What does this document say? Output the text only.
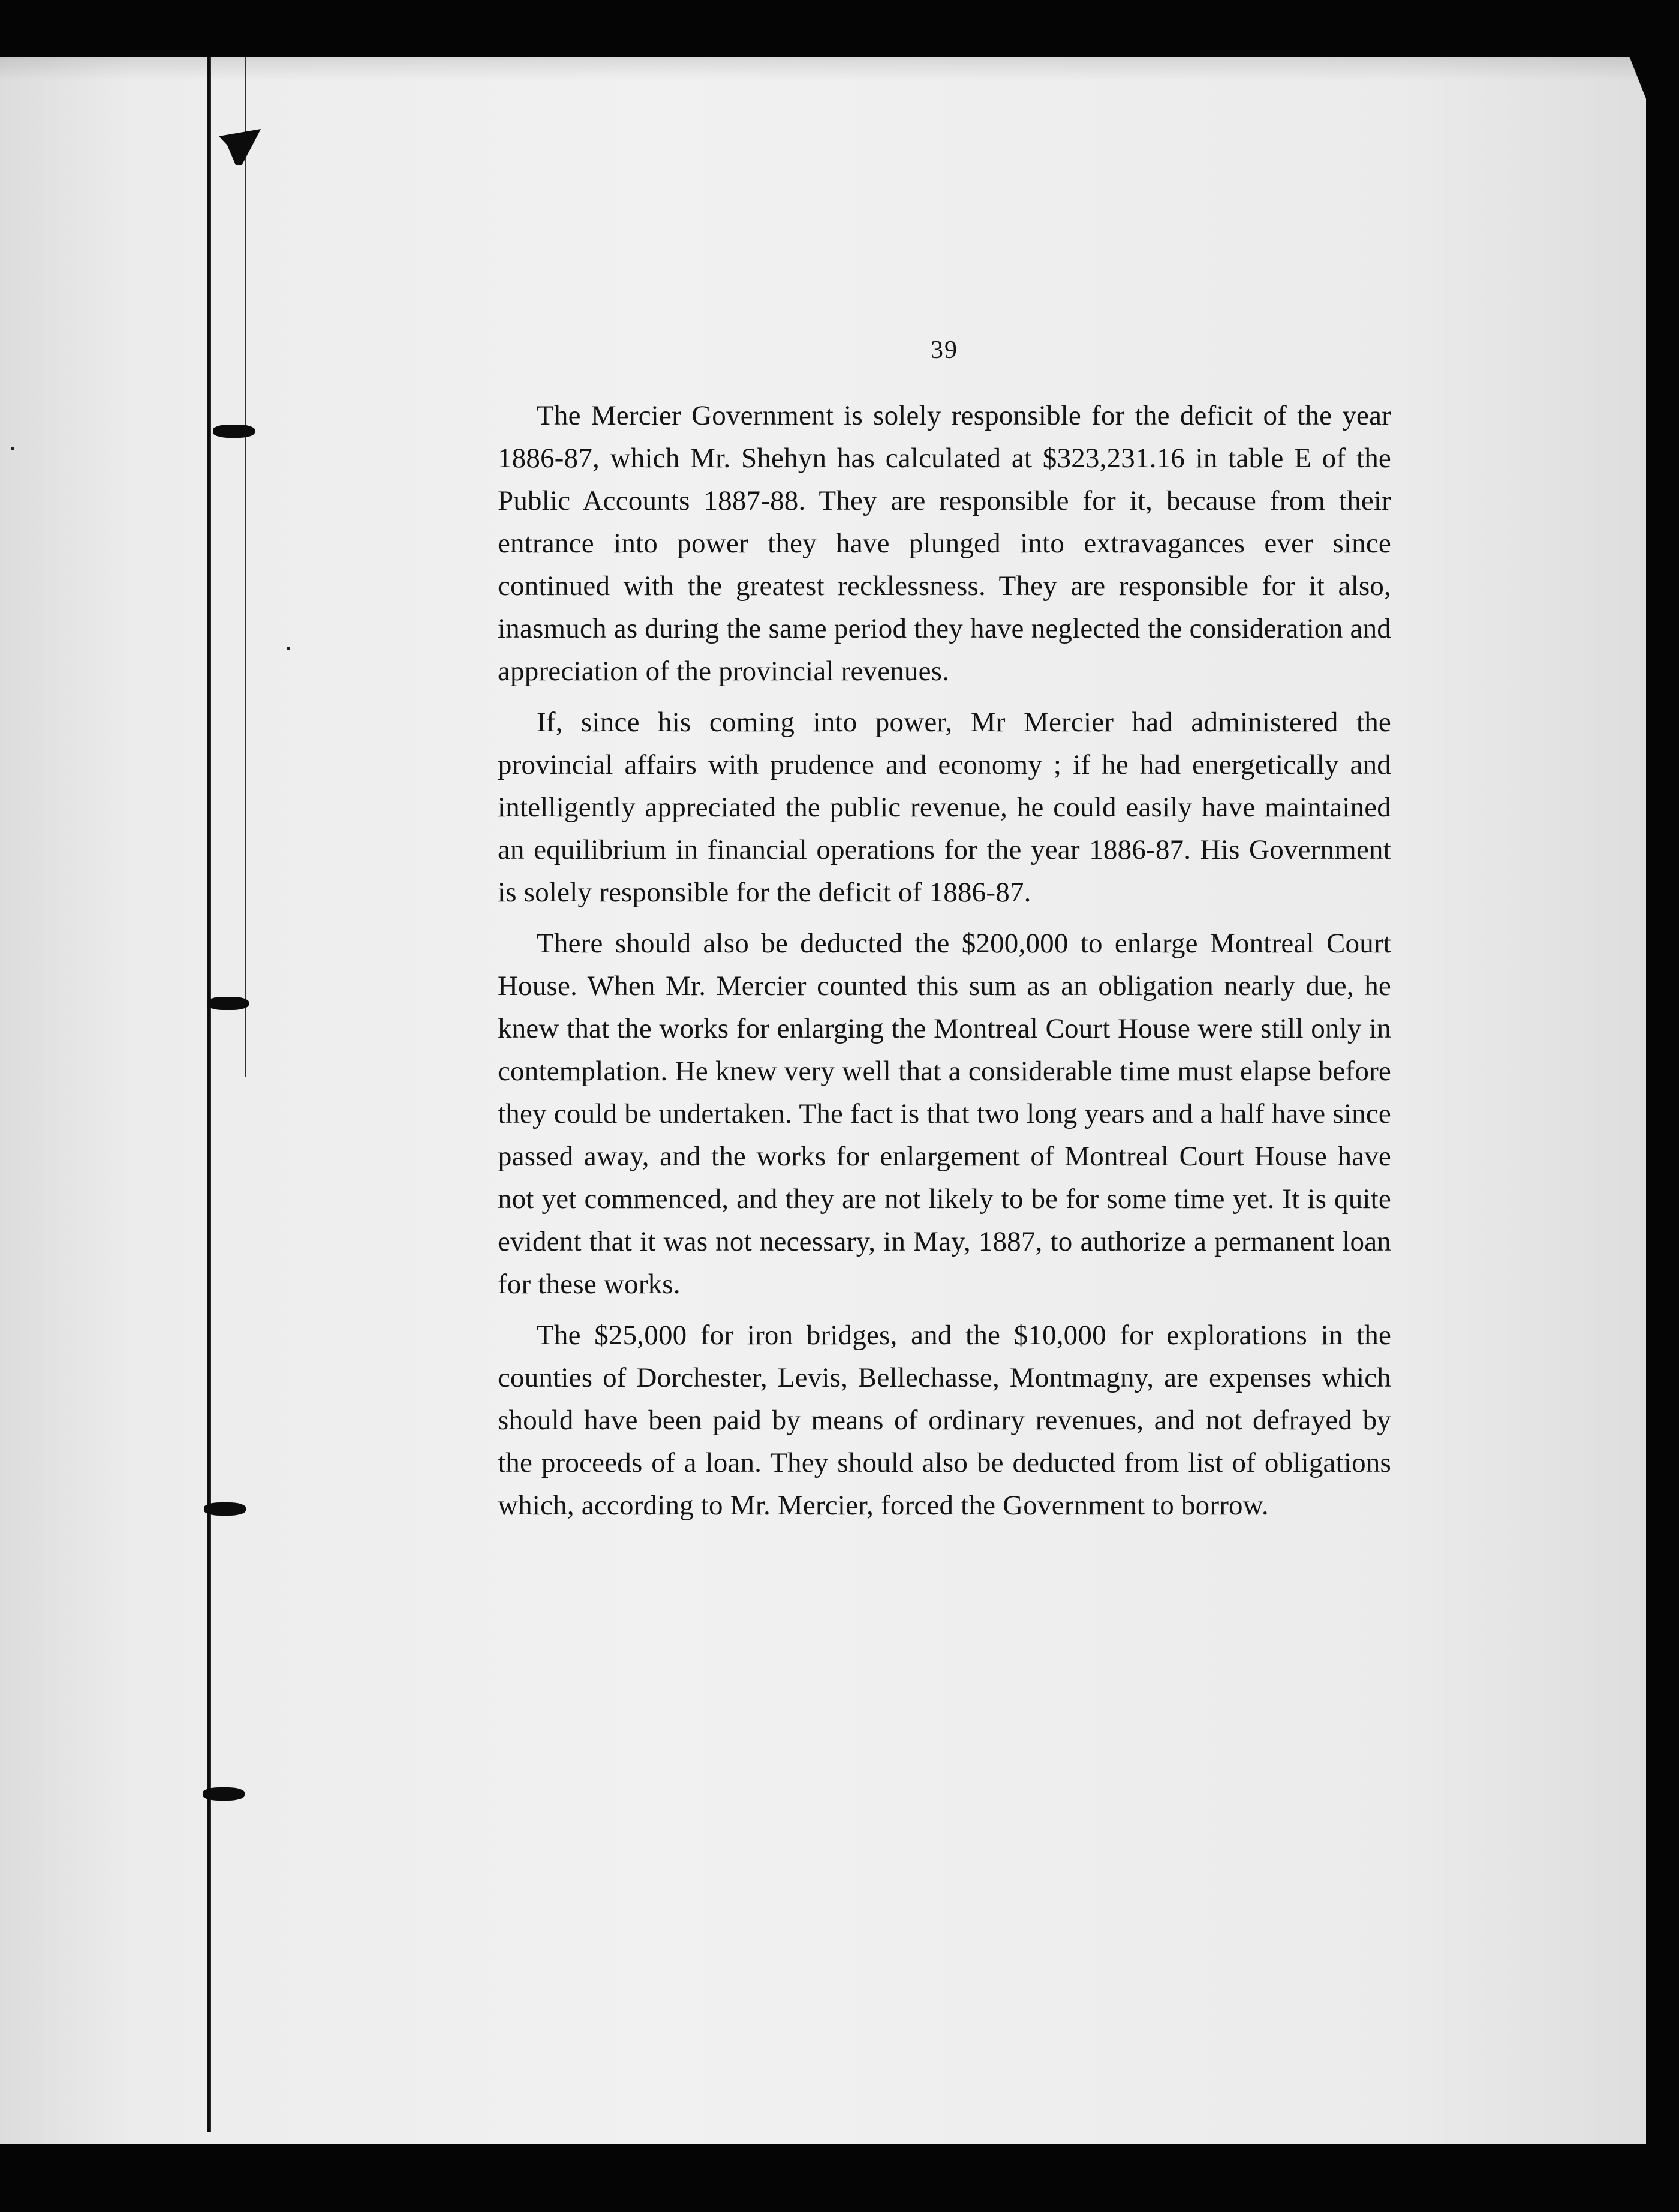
39

The Mercier Government is solely responsible for the deficit of the year 1886-87, which Mr. Shehyn has calculated at $323,231.16 in table E of the Public Accounts 1887-88. They are responsible for it, because from their entrance into power they have plunged into extravagances ever since continued with the greatest recklessness. They are responsible for it also, inasmuch as during the same period they have neglected the consideration and appreciation of the provincial revenues.

If, since his coming into power, Mr Mercier had administered the provincial affairs with prudence and economy ; if he had energetically and intelligently appreciated the public revenue, he could easily have maintained an equilibrium in financial operations for the year 1886-87. His Government is solely responsible for the deficit of 1886-87.

There should also be deducted the $200,000 to enlarge Montreal Court House. When Mr. Mercier counted this sum as an obligation nearly due, he knew that the works for enlarging the Montreal Court House were still only in contemplation. He knew very well that a considerable time must elapse before they could be undertaken. The fact is that two long years and a half have since passed away, and the works for enlargement of Montreal Court House have not yet commenced, and they are not likely to be for some time yet. It is quite evident that it was not necessary, in May, 1887, to authorize a permanent loan for these works.

The $25,000 for iron bridges, and the $10,000 for explorations in the counties of Dorchester, Levis, Bellechasse, Montmagny, are expenses which should have been paid by means of ordinary revenues, and not defrayed by the proceeds of a loan. They should also be deducted from list of obligations which, according to Mr. Mercier, forced the Government to borrow.
